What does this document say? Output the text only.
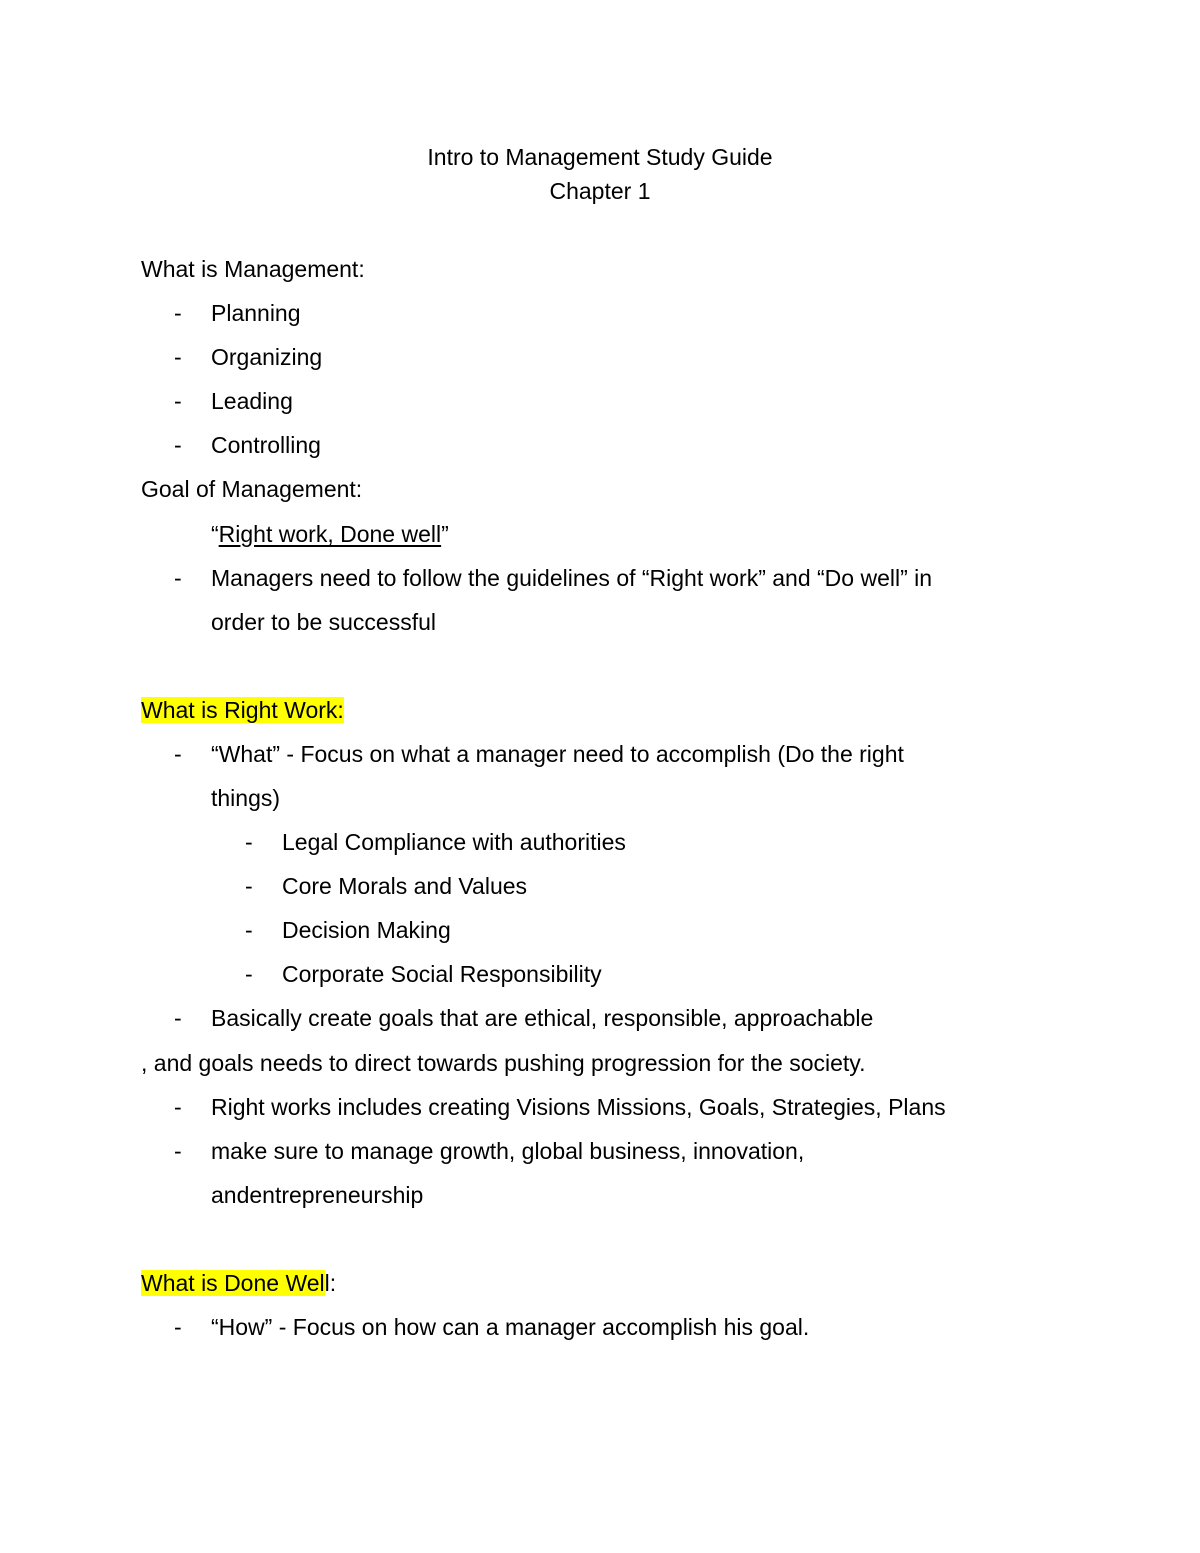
Intro to Management Study Guide
Chapter 1
What is Management:
- Planning
- Organizing
- Leading
- Controlling
Goal of Management:
“Right work, Done well”
- Managers need to follow the guidelines of “Right work” and “Do well” in
order to be successful
What is Right Work:
- “What” - Focus on what a manager need to accomplish (Do the right
things)
- Legal Compliance with authorities
- Core Morals and Values
- Decision Making
- Corporate Social Responsibility
- Basically create goals that are ethical, responsible, approachable
, and goals needs to direct towards pushing progression for the society.
- Right works includes creating Visions Missions, Goals, Strategies, Plans
- make sure to manage growth, global business, innovation,
andentrepreneurship
What is Done Well:
- “How” - Focus on how can a manager accomplish his goal.
